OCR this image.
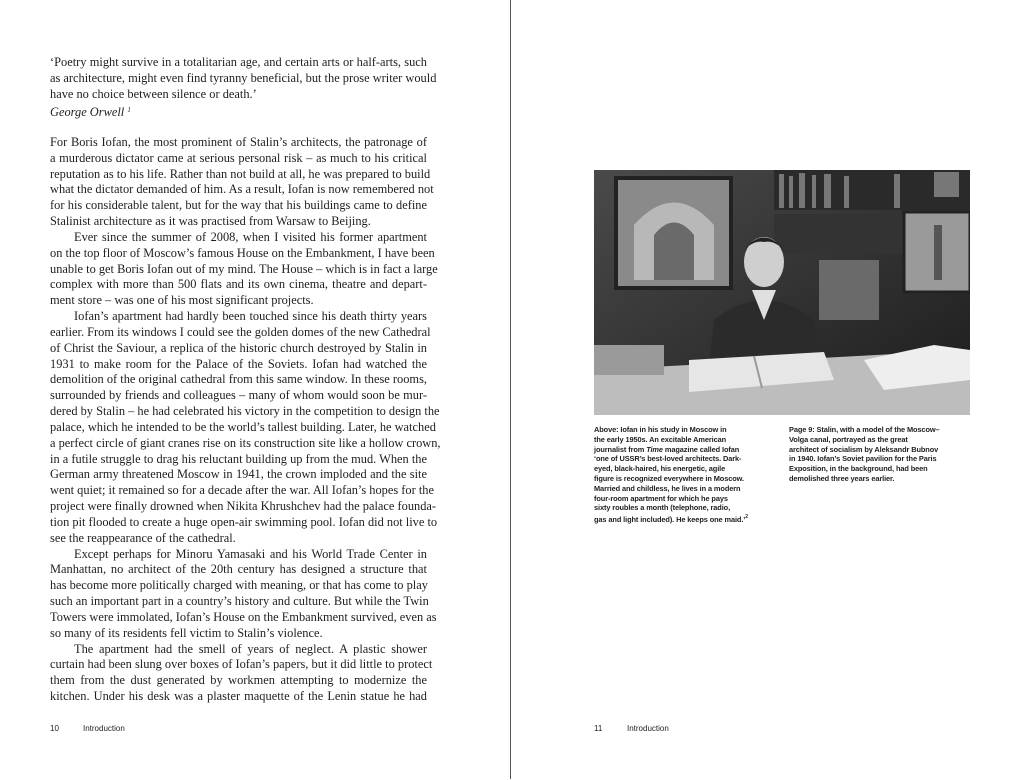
‘Poetry might survive in a totalitarian age, and certain arts or half-arts, such
as architecture, might even find tyranny beneficial, but the prose writer would
have no choice between silence or death.’
George Orwell $^1$
For Boris Iofan, the most prominent of Stalin’s architects, the patronage of
a murderous dictator came at serious personal risk – as much to his critical
reputation as to his life. Rather than not build at all, he was prepared to build
what the dictator demanded of him. As a result, Iofan is now remembered not
for his considerable talent, but for the way that his buildings came to define
Stalinist architecture as it was practised from Warsaw to Beijing.
Ever since the summer of 2008, when I visited his former apartment
on the top floor of Moscow’s famous House on the Embankment, I have been
unable to get Boris Iofan out of my mind. The House – which is in fact a large
complex with more than 500 flats and its own cinema, theatre and depart-
ment store – was one of his most significant projects.
Iofan’s apartment had hardly been touched since his death thirty years
earlier. From its windows I could see the golden domes of the new Cathedral
of Christ the Saviour, a replica of the historic church destroyed by Stalin in
1931 to make room for the Palace of the Soviets. Iofan had watched the
demolition of the original cathedral from this same window. In these rooms,
surrounded by friends and colleagues – many of whom would soon be mur-
dered by Stalin – he had celebrated his victory in the competition to design the
palace, which he intended to be the world’s tallest building. Later, he watched
a perfect circle of giant cranes rise on its construction site like a hollow crown,
in a futile struggle to drag his reluctant building up from the mud. When the
German army threatened Moscow in 1941, the crown imploded and the site
went quiet; it remained so for a decade after the war. All Iofan’s hopes for the
project were finally drowned when Nikita Khrushchev had the palace founda-
tion pit flooded to create a huge open-air swimming pool. Iofan did not live to
see the reappearance of the cathedral.
Except perhaps for Minoru Yamasaki and his World Trade Center in
Manhattan, no architect of the 20th century has designed a structure that
has become more politically charged with meaning, or that has come to play
such an important part in a country’s history and culture. But while the Twin
Towers were immolated, Iofan’s House on the Embankment survived, even as
so many of its residents fell victim to Stalin’s violence.
The apartment had the smell of years of neglect. A plastic shower
curtain had been slung over boxes of Iofan’s papers, but it did little to protect
them from the dust generated by workmen attempting to modernize the
kitchen. Under his desk was a plaster maquette of the Lenin statue he had
10	Introduction
Above: Iofan in his study in Moscow in
the early 1950s. An excitable American
journalist from Time magazine called Iofan
‘one of USSR’s best-loved architects. Dark-
eyed, black-haired, his energetic, agile
figure is recognized everywhere in Moscow.
Married and childless, he lives in a modern
four-room apartment for which he pays
sixty roubles a month (telephone, radio,
gas and light included). He keeps one maid.’$^2$
Page 9: Stalin, with a model of the Moscow–
Volga canal, portrayed as the great
architect of socialism by Aleksandr Bubnov
in 1940. Iofan’s Soviet pavilion for the Paris
Exposition, in the background, had been
demolished three years earlier.
11	Introduction
